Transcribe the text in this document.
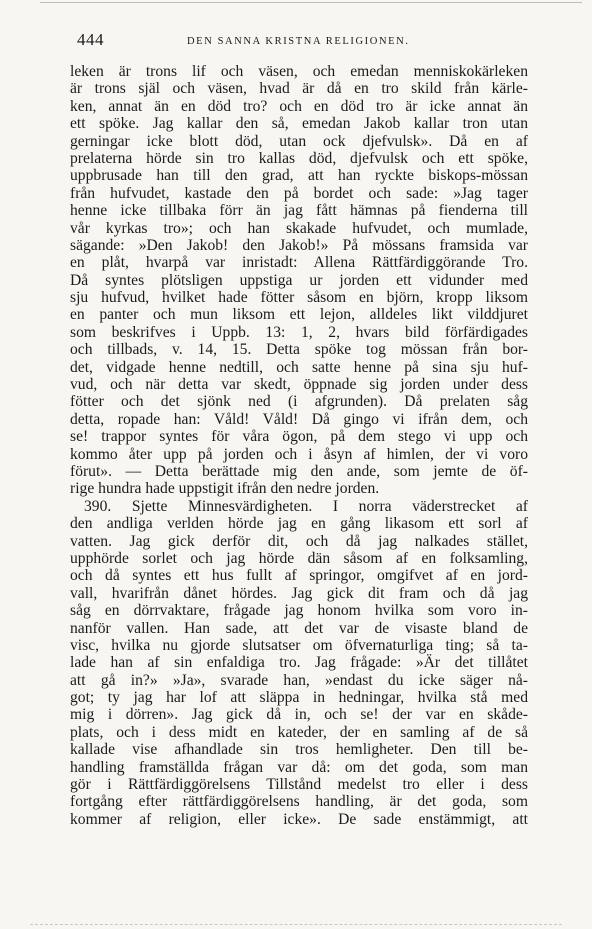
444	DEN SANNA KRISTNA RELIGIONEN.
leken är trons lif och väsen, och emedan menniskokärleken
är trons själ och väsen, hvad är då en tro skild från kärle-
ken, annat än en död tro? och en död tro är icke annat än
ett spöke. Jag kallar den så, emedan Jakob kallar tron utan
gerningar icke blott död, utan ock djefvulsk». Då en af
prelaterna hörde sin tro kallas död, djefvulsk och ett spöke,
uppbrusade han till den grad, att han ryckte biskops-mössan
från hufvudet, kastade den på bordet och sade: »Jag tager
henne icke tillbaka förr än jag fått hämnas på fienderna till
vår kyrkas tro»; och han skakade hufvudet, och mumlade,
sägande: »Den Jakob! den Jakob!» På mössans framsida var
en plåt, hvarpå var inristadt: Allena Rättfärdiggörande Tro.
Då syntes plötsligen uppstiga ur jorden ett vidunder med
sju hufvud, hvilket hade fötter såsom en björn, kropp liksom
en panter och mun liksom ett lejon, alldeles likt vilddjuret
som beskrifves i Uppb. 13: 1, 2, hvars bild förfärdigades
och tillbads, v. 14, 15. Detta spöke tog mössan från bor-
det, vidgade henne nedtill, och satte henne på sina sju huf-
vud, och när detta var skedt, öppnade sig jorden under dess
fötter och det sjönk ned (i afgrunden). Då prelaten såg
detta, ropade han: Våld! Våld! Då gingo vi ifrån dem, och
se! trappor syntes för våra ögon, på dem stego vi upp och
kommo åter upp på jorden och i åsyn af himlen, der vi voro
förut». — Detta berättade mig den ande, som jemte de öf-
rige hundra hade uppstigit ifrån den nedre jorden.
390. Sjette Minnesvärdigheten. I norra väderstrecket af
den andliga verlden hörde jag en gång likasom ett sorl af
vatten. Jag gick derför dit, och då jag nalkades stället,
upphörde sorlet och jag hörde dän såsom af en folksamling,
och då syntes ett hus fullt af springor, omgifvet af en jord-
vall, hvarifrån dånet hördes. Jag gick dit fram och då jag
såg en dörrvaktare, frågade jag honom hvilka som voro in-
nanför vallen. Han sade, att det var de visaste bland de
visc, hvilka nu gjorde slutsatser om öfvernaturliga ting; så ta-
lade han af sin enfaldiga tro. Jag frågade: »Är det tillåtet
att gå in?» »Ja», svarade han, »endast du icke säger nå-
got; ty jag har lof att släppa in hedningar, hvilka stå med
mig i dörren». Jag gick då in, och se! der var en skåde-
plats, och i dess midt en kateder, der en samling af de så
kallade vise afhandlade sin tros hemligheter. Den till be-
handling framställda frågan var då: om det goda, som man
gör i Rättfärdiggörelsens Tillstånd medelst tro eller i dess
fortgång efter rättfärdiggörelsens handling, är det goda, som
kommer af religion, eller icke». De sade enstämmigt, att
